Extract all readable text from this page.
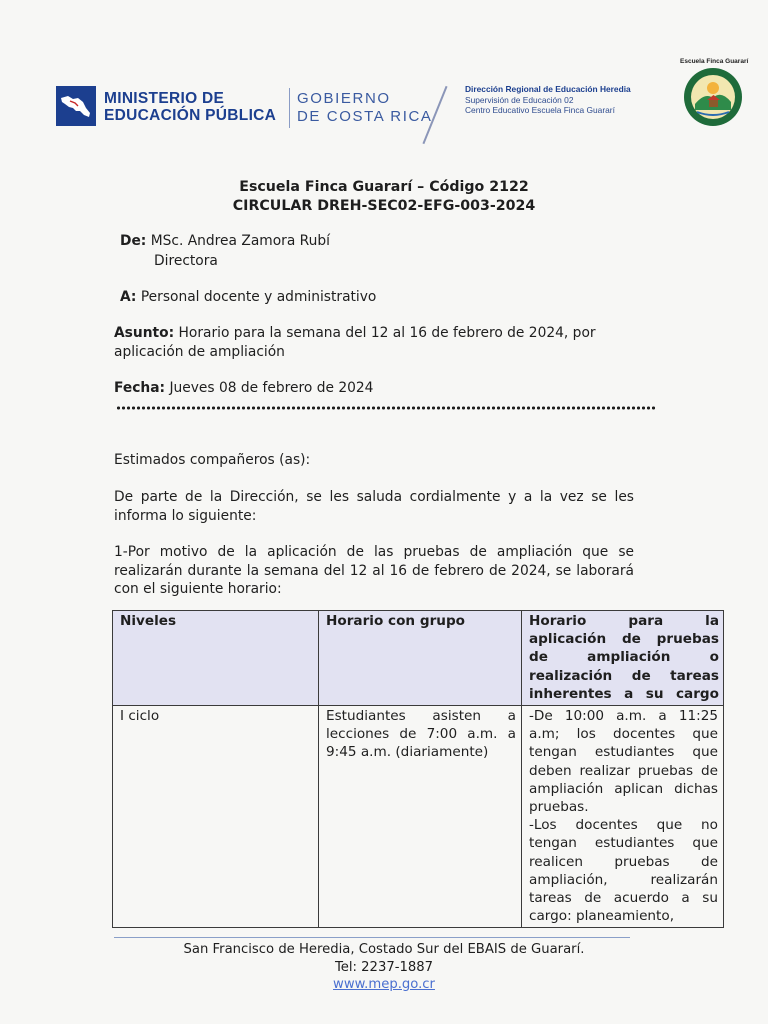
MINISTERIO DE
EDUCACIÓN PÚBLICA
GOBIERNO
DE COSTA RICA
Dirección Regional de Educación Heredia
Supervisión de Educación 02
Centro Educativo Escuela Finca Guararí
Escuela Finca Guararí
Escuela Finca Guararí – Código 2122
CIRCULAR DREH-SEC02-EFG-003-2024
De: MSc. Andrea Zamora Rubí
Directora
A: Personal docente y administrativo
Asunto: Horario para la semana del 12 al 16 de febrero de 2024, por
aplicación de ampliación
Fecha: Jueves 08 de febrero de 2024
Estimados compañeros (as):
De parte de la Dirección, se les saluda cordialmente y a la vez se les informa lo siguiente:
1-Por motivo de la aplicación de las pruebas de ampliación que se realizarán durante la semana del 12 al 16 de febrero de 2024, se laborará con el siguiente horario:
Niveles	Horario con grupo	Horario para la aplicación de pruebas de ampliación o realización de tareas inherentes a su cargo
I ciclo	Estudiantes asisten a lecciones de 7:00 a.m. a 9:45 a.m. (diariamente)	-De 10:00 a.m. a 11:25 a.m; los docentes que tengan estudiantes que deben realizar pruebas de ampliación aplican dichas pruebas.

-Los docentes que no tengan estudiantes que realicen pruebas de ampliación, realizarán tareas de acuerdo a su cargo: planeamiento,

San Francisco de Heredia, Costado Sur del EBAIS de Guararí.
Tel: 2237-1887
www.mep.go.cr
